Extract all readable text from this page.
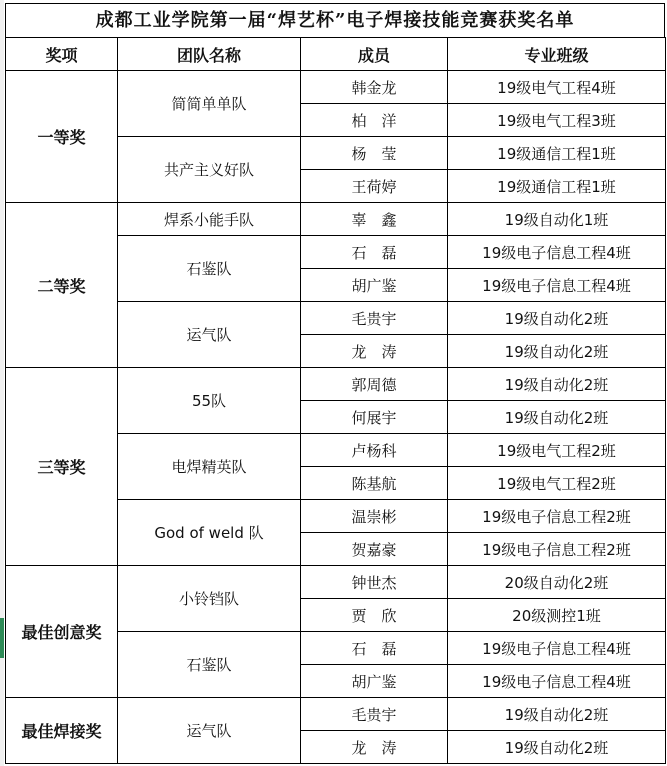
成都工业学院第一届“焊艺杯”电子焊接技能竞赛获奖名单
奖项	团队名称	成员	专业班级
一等奖	简简单单队	韩金龙	19级电气工程4班
		柏　洋	19级电气工程3班
	共产主义好队	杨　莹	19级通信工程1班
		王荷婷	19级通信工程1班
二等奖	焊系小能手队	辜　鑫	19级自动化1班
	石鉴队	石　磊	19级电子信息工程4班
		胡广鉴	19级电子信息工程4班
	运气队	毛贵宇	19级自动化2班
		龙　涛	19级自动化2班
三等奖	55队	郭周德	19级自动化2班
		何展宇	19级自动化2班
	电焊精英队	卢杨科	19级电气工程2班
		陈基航	19级电气工程2班
	God of weld 队	温崇彬	19级电子信息工程2班
		贺嘉豪	19级电子信息工程2班
最佳创意奖	小铃铛队	钟世杰	20级自动化2班
		贾　欣	20级测控1班
	石鉴队	石　磊	19级电子信息工程4班
		胡广鉴	19级电子信息工程4班
最佳焊接奖	运气队	毛贵宇	19级自动化2班
		龙　涛	19级自动化2班
